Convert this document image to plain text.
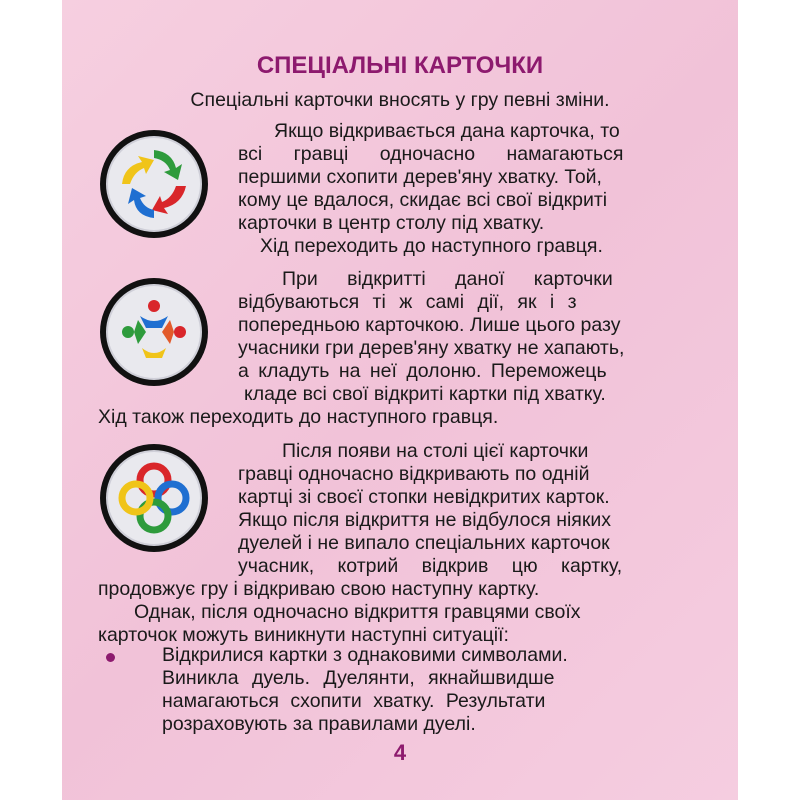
СПЕЦІАЛЬНІ КАРТОЧКИ
Спеціальні карточки вносять у гру певні зміни.
Якщо відкривається дана карточка, то
всі гравці одночасно намагаються
першими схопити дерев'яну хватку. Той,
кому це вдалося, скидає всі свої відкриті
карточки в центр столу під хватку.
Хід переходить до наступного гравця.
При відкритті даної карточки
відбуваються ті ж самі дії, як і з
попередньою карточкою. Лише цього разу
учасники гри дерев'яну хватку не хапають,
а кладуть на неї долоню. Переможець
кладе всі свої відкриті картки під хватку.
Хід також переходить до наступного гравця.
Після появи на столі цієї карточки
гравці одночасно відкривають по одній
картці зі своєї стопки невідкритих карток.
Якщо після відкриття не відбулося ніяких
дуелей і не випало спеціальних карточок
учасник, котрий відкрив цю картку,
продовжує гру і відкриваю свою наступну картку.
Однак, після одночасно відкриття гравцями своїх
карточок можуть виникнути наступні ситуації:
Відкрилися картки з однаковими символами.
Виникла дуель. Дуелянти, якнайшвидше
намагаються схопити хватку. Результати
розраховують за правилами дуелі.
4
